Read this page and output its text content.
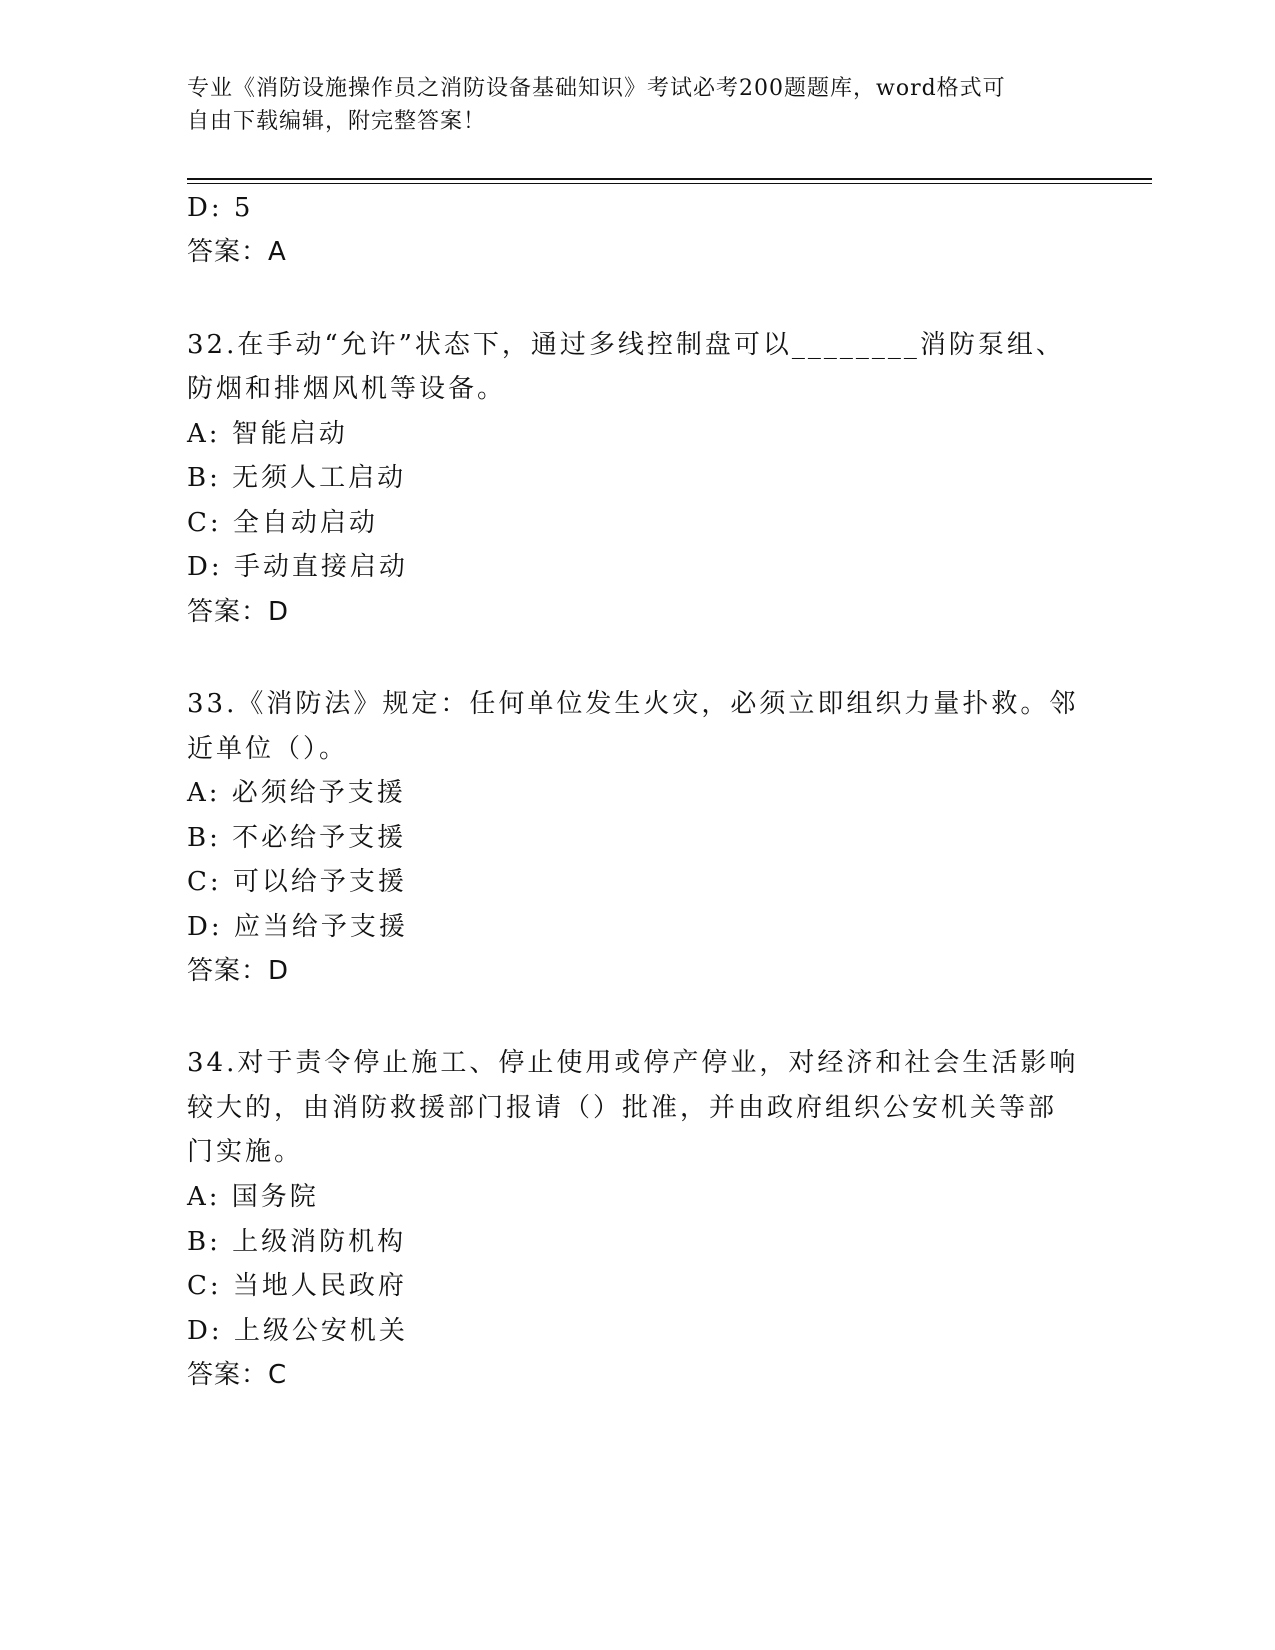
专业《消防设施操作员之消防设备基础知识》考试必考200题题库，word格式可
自由下载编辑，附完整答案！
D: 5
答案：A
32.在手动“允许”状态下，通过多线控制盘可以________消防泵组、
防烟和排烟风机等设备。
A: 智能启动
B: 无须人工启动
C: 全自动启动
D: 手动直接启动
答案：D
33.《消防法》规定：任何单位发生火灾，必须立即组织力量扑救。邻
近单位（）。
A: 必须给予支援
B: 不必给予支援
C: 可以给予支援
D: 应当给予支援
答案：D
34.对于责令停止施工、停止使用或停产停业，对经济和社会生活影响
较大的，由消防救援部门报请（）批准，并由政府组织公安机关等部
门实施。
A: 国务院
B: 上级消防机构
C: 当地人民政府
D: 上级公安机关
答案：C
